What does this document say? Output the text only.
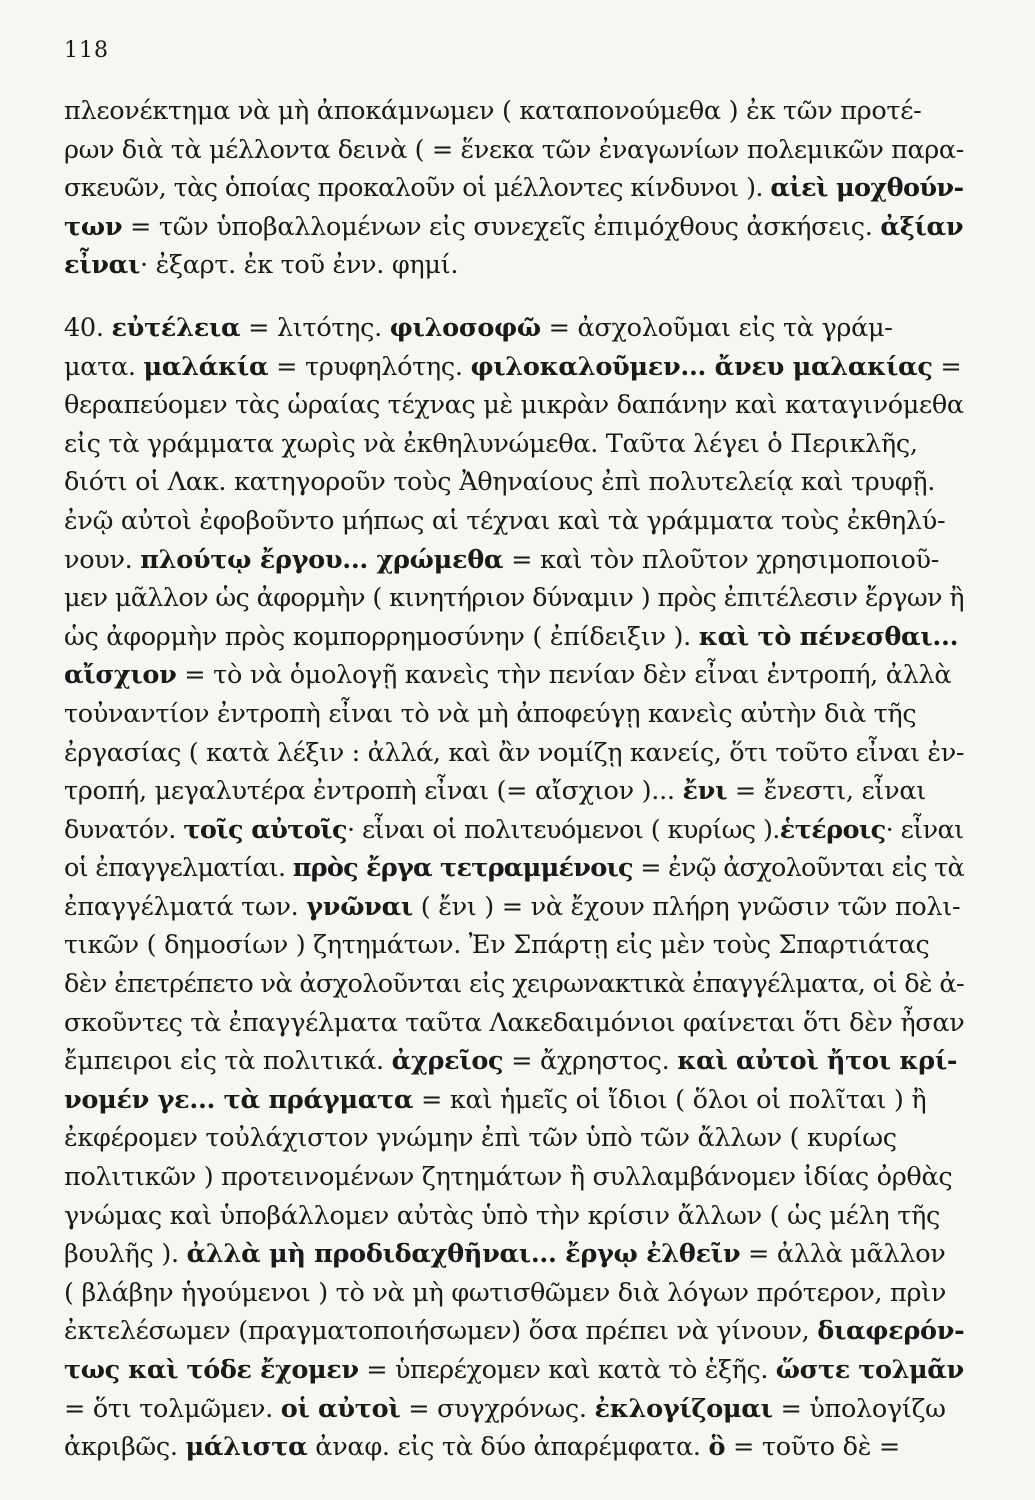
118
πλεονέκτημα νὰ μὴ ἀποκάμνωμεν ( καταπονούμεθα ) ἐκ τῶν προτέ-
ρων διὰ τὰ μέλλοντα δεινὰ ( = ἕνεκα τῶν ἐναγωνίων πολεμικῶν παρα-
σκευῶν, τὰς ὁποίας προκαλοῦν οἱ μέλλοντες κίνδυνοι ). αἰεὶ μοχθούν-
των = τῶν ὑποβαλλομένων εἰς συνεχεῖς ἐπιμόχθους ἀσκήσεις. ἀξίαν
εἶναι· ἐξαρτ. ἐκ τοῦ ἐνν. φημί.
40. εὐτέλεια = λιτότης. φιλοσοφῶ = ἀσχολοῦμαι εἰς τὰ γράμ-
ματα. μαλάκία = τρυφηλότης. φιλοκαλοῦμεν... ἄνευ μαλακίας =
θεραπεύομεν τὰς ὡραίας τέχνας μὲ μικρὰν δαπάνην καὶ καταγινόμεθα
εἰς τὰ γράμματα χωρὶς νὰ ἐκθηλυνώμεθα. Ταῦτα λέγει ὁ Περικλῆς,
διότι οἱ Λακ. κατηγοροῦν τοὺς Ἀθηναίους ἐπὶ πολυτελείᾳ καὶ τρυφῇ.
ἐνῷ αὐτοὶ ἐφοβοῦντο μήπως αἱ τέχναι καὶ τὰ γράμματα τοὺς ἐκθηλύ-
νουν. πλούτῳ ἔργου... χρώμεθα = καὶ τὸν πλοῦτον χρησιμοποιοῦ-
μεν μᾶλλον ὡς ἀφορμὴν ( κινητήριον δύναμιν ) πρὸς ἐπιτέλεσιν ἔργων ἢ
ὡς ἀφορμὴν πρὸς κομπορρημοσύνην ( ἐπίδειξιν ). καὶ τὸ πένεσθαι...
αἴσχιον = τὸ νὰ ὁμολογῇ κανεὶς τὴν πενίαν δὲν εἶναι ἐντροπή, ἀλλὰ
τοὐναντίον ἐντροπὴ εἶναι τὸ νὰ μὴ ἀποφεύγῃ κανεὶς αὐτὴν διὰ τῆς
ἐργασίας ( κατὰ λέξιν : ἀλλά, καὶ ἂν νομίζῃ κανείς, ὅτι τοῦτο εἶναι ἐν-
τροπή, μεγαλυτέρα ἐντροπὴ εἶναι (= αἴσχιον )... ἔνι = ἔνεστι, εἶναι
δυνατόν. τοῖς αὐτοῖς· εἶναι οἱ πολιτευόμενοι ( κυρίως ).ἑτέροις· εἶναι
οἱ ἐπαγγελματίαι. πρὸς ἔργα τετραμμένοις = ἐνῷ ἀσχολοῦνται εἰς τὰ
ἐπαγγέλματά των. γνῶναι ( ἔνι ) = νὰ ἔχουν πλήρη γνῶσιν τῶν πολι-
τικῶν ( δημοσίων ) ζητημάτων. Ἐν Σπάρτῃ εἰς μὲν τοὺς Σπαρτιάτας
δὲν ἐπετρέπετο νὰ ἀσχολοῦνται εἰς χειρωνακτικὰ ἐπαγγέλματα, οἱ δὲ ἀ-
σκοῦντες τὰ ἐπαγγέλματα ταῦτα Λακεδαιμόνιοι φαίνεται ὅτι δὲν ἦσαν
ἔμπειροι εἰς τὰ πολιτικά. ἀχρεῖος = ἄχρηστος. καὶ αὐτοὶ ἤτοι κρί-
νομέν γε... τὰ πράγματα = καὶ ἡμεῖς οἱ ἴδιοι ( ὅλοι οἱ πολῖται ) ἢ
ἐκφέρομεν τοὐλάχιστον γνώμην ἐπὶ τῶν ὑπὸ τῶν ἄλλων ( κυρίως
πολιτικῶν ) προτεινομένων ζητημάτων ἢ συλλαμβάνομεν ἰδίας ὀρθὰς
γνώμας καὶ ὑποβάλλομεν αὐτὰς ὑπὸ τὴν κρίσιν ἄλλων ( ὡς μέλη τῆς
βουλῆς ). ἀλλὰ μὴ προδιδαχθῆναι... ἔργῳ ἐλθεῖν = ἀλλὰ μᾶλλον
( βλάβην ἡγούμενοι ) τὸ νὰ μὴ φωτισθῶμεν διὰ λόγων πρότερον, πρὶν
ἐκτελέσωμεν (πραγματοποιήσωμεν) ὅσα πρέπει νὰ γίνουν, διαφερόν-
τως καὶ τόδε ἔχομεν = ὑπερέχομεν καὶ κατὰ τὸ ἑξῆς. ὥστε τολμᾶν
= ὅτι τολμῶμεν. οἱ αὐτοὶ = συγχρόνως. ἐκλογίζομαι = ὑπολογίζω
ἀκριβῶς. μάλιστα ἀναφ. εἰς τὰ δύο ἀπαρέμφατα. ὃ = τοῦτο δὲ =
